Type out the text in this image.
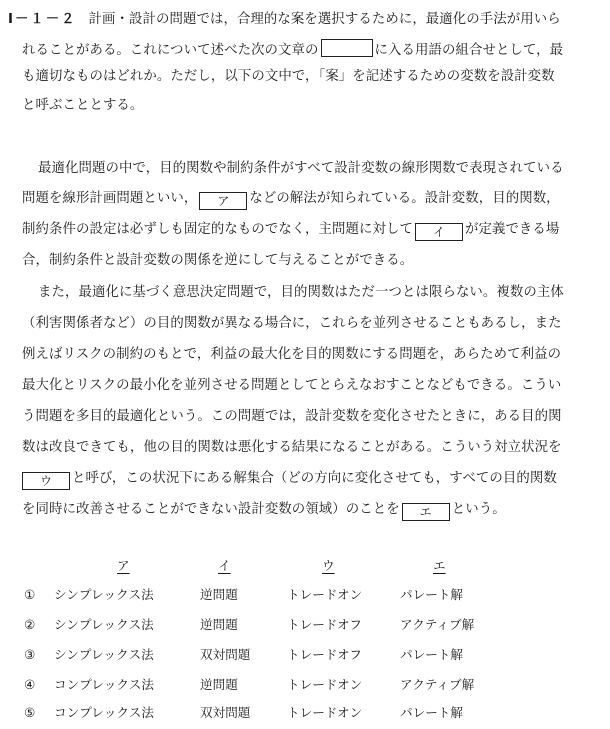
Ⅰ－１－２ 計画・設計の問題では，合理的な案を選択するために，最適化の手法が用いら
れることがある。これについて述べた次の文章の	に入る用語の組合せとして，最
も適切なものはどれか。ただし，以下の文中で，「案」を記述するための変数を設計変数
と呼ぶこととする。
最適化問題の中で，目的関数や制約条件がすべて設計変数の線形関数で表現されている
問題を線形計画問題といい， ア などの解法が知られている。設計変数，目的関数，
制約条件の設定は必ずしも固定的なものでなく，主問題に対して イ が定義できる場
合，制約条件と設計変数の関係を逆にして与えることができる。
また，最適化に基づく意思決定問題で，目的関数はただ一つとは限らない。複数の主体
（利害関係者など）の目的関数が異なる場合に，これらを並列させることもあるし，また
例えばリスクの制約のもとで，利益の最大化を目的関数にする問題を，あらためて利益の
最大化とリスクの最小化を並列させる問題としてとらえなおすことなどもできる。こうい
う問題を多目的最適化という。この問題では，設計変数を変化させたときに，ある目的関
数は改良できても，他の目的関数は悪化する結果になることがある。こういう対立状況を
ウ と呼び，この状況下にある解集合（どの方向に変化させても，すべての目的関数
を同時に改善させることができない設計変数の領域）のことを エ という。
ア	イ	ウ	エ
① シンプレックス法	逆問題	トレードオン	パレート解
② シンプレックス法	逆問題	トレードオフ	アクティブ解
③ シンプレックス法	双対問題	トレードオフ	パレート解
④ コンプレックス法	逆問題	トレードオン	アクティブ解
⑤ コンプレックス法	双対問題	トレードオン	パレート解
